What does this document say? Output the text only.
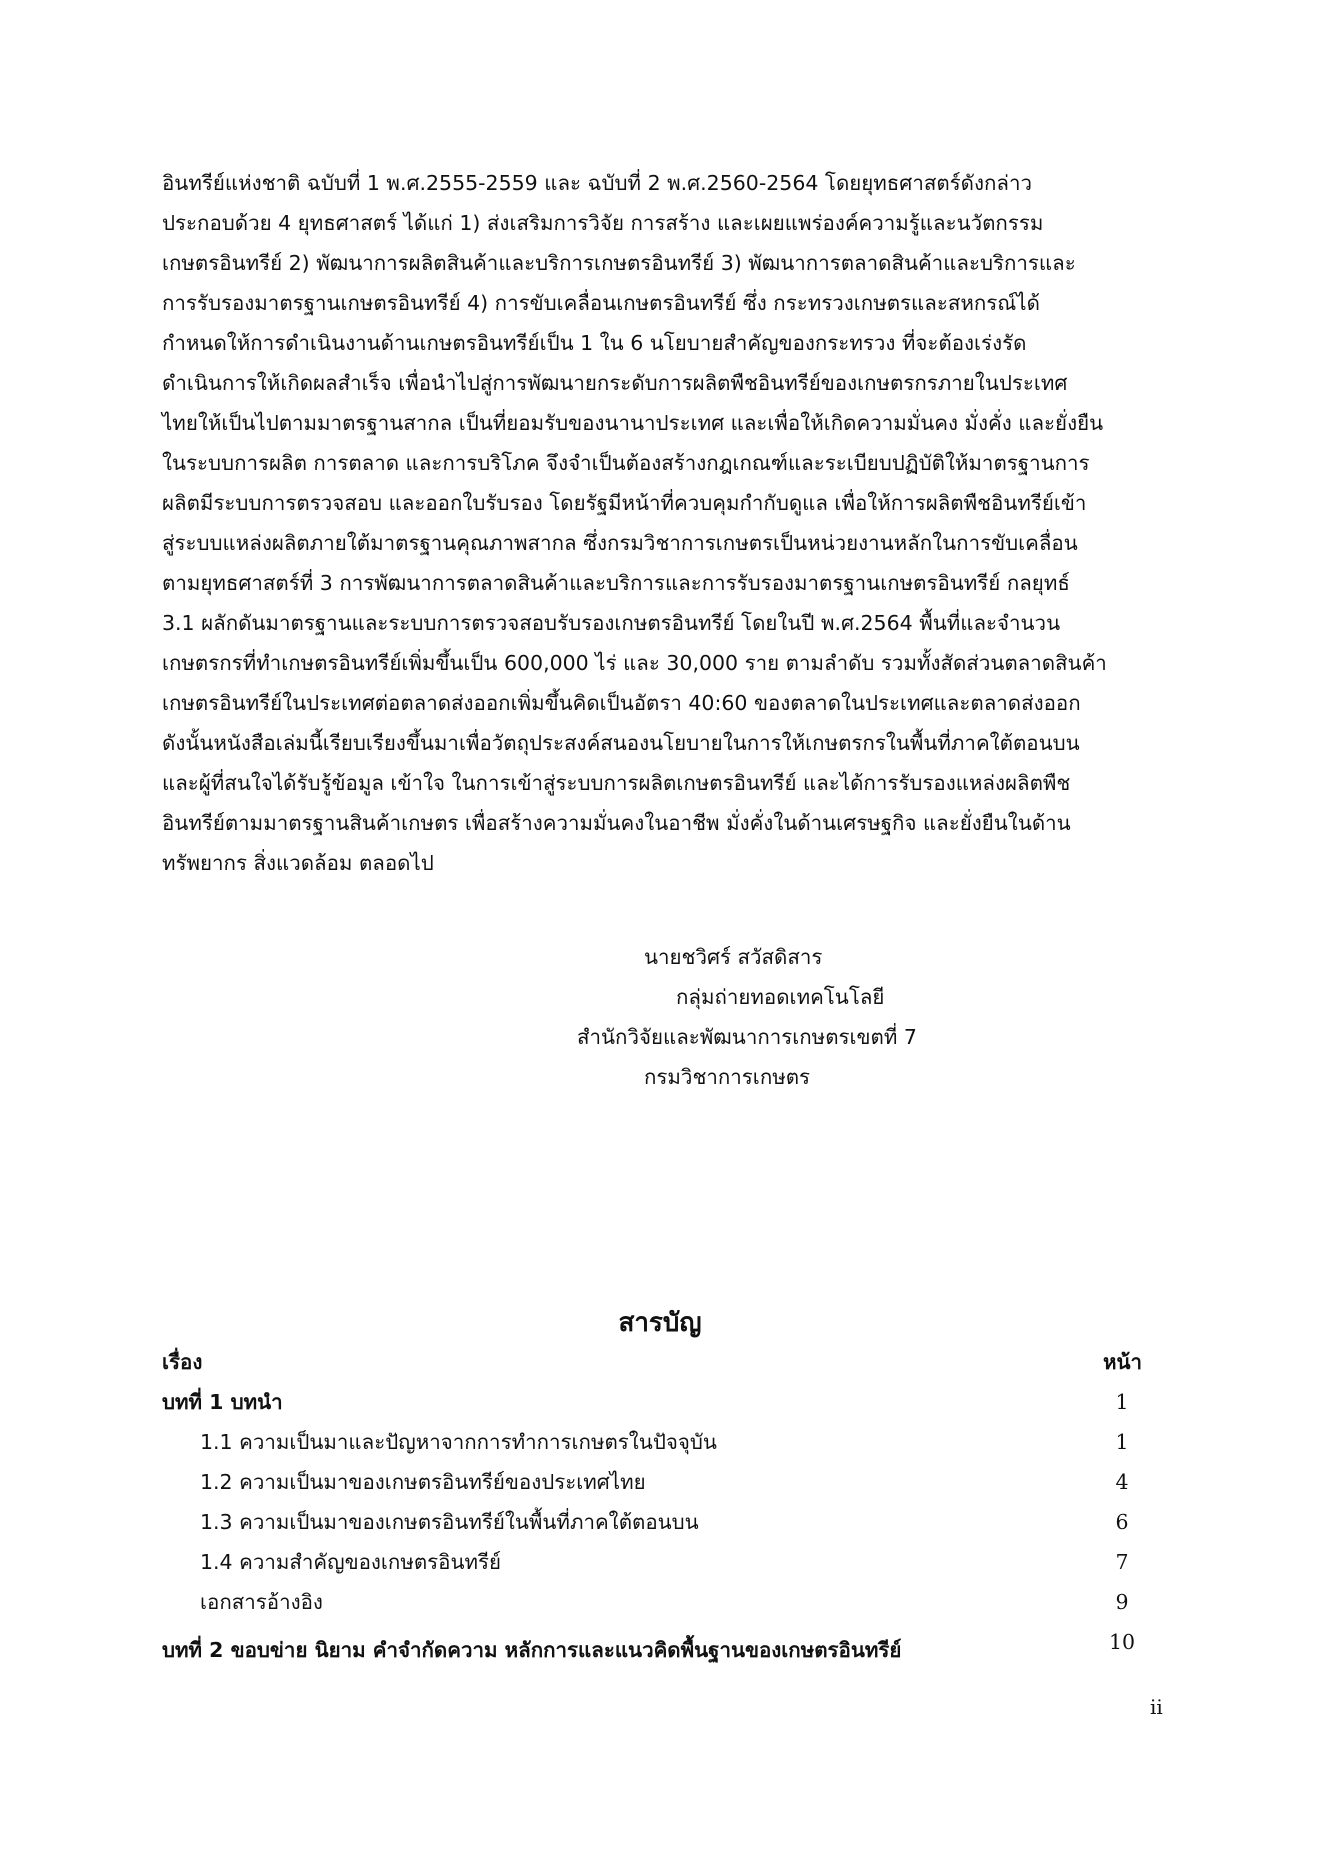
อินทรีย์แห่งชาติ ฉบับที่ 1 พ.ศ.2555-2559 และ ฉบับที่ 2 พ.ศ.2560-2564 โดยยุทธศาสตร์ดังกล่าว
ประกอบด้วย 4 ยุทธศาสตร์ ได้แก่ 1) ส่งเสริมการวิจัย การสร้าง และเผยแพร่องค์ความรู้และนวัตกรรม
เกษตรอินทรีย์ 2) พัฒนาการผลิตสินค้าและบริการเกษตรอินทรีย์ 3) พัฒนาการตลาดสินค้าและบริการและ
การรับรองมาตรฐานเกษตรอินทรีย์ 4) การขับเคลื่อนเกษตรอินทรีย์ ซึ่ง กระทรวงเกษตรและสหกรณ์ได้
กำหนดให้การดำเนินงานด้านเกษตรอินทรีย์เป็น 1 ใน 6 นโยบายสำคัญของกระทรวง ที่จะต้องเร่งรัด
ดำเนินการให้เกิดผลสำเร็จ เพื่อนำไปสู่การพัฒนายกระดับการผลิตพืชอินทรีย์ของเกษตรกรภายในประเทศ
ไทยให้เป็นไปตามมาตรฐานสากล เป็นที่ยอมรับของนานาประเทศ และเพื่อให้เกิดความมั่นคง มั่งคั่ง และยั่งยืน
ในระบบการผลิต การตลาด และการบริโภค จึงจำเป็นต้องสร้างกฎเกณฑ์และระเบียบปฏิบัติให้มาตรฐานการ
ผลิตมีระบบการตรวจสอบ และออกใบรับรอง โดยรัฐมีหน้าที่ควบคุมกำกับดูแล เพื่อให้การผลิตพืชอินทรีย์เข้า
สู่ระบบแหล่งผลิตภายใต้มาตรฐานคุณภาพสากล ซึ่งกรมวิชาการเกษตรเป็นหน่วยงานหลักในการขับเคลื่อน
ตามยุทธศาสตร์ที่ 3 การพัฒนาการตลาดสินค้าและบริการและการรับรองมาตรฐานเกษตรอินทรีย์ กลยุทธ์
3.1 ผลักดันมาตรฐานและระบบการตรวจสอบรับรองเกษตรอินทรีย์ โดยในปี พ.ศ.2564 พื้นที่และจำนวน
เกษตรกรที่ทำเกษตรอินทรีย์เพิ่มขึ้นเป็น 600,000 ไร่ และ 30,000 ราย ตามลำดับ รวมทั้งสัดส่วนตลาดสินค้า
เกษตรอินทรีย์ในประเทศต่อตลาดส่งออกเพิ่มขึ้นคิดเป็นอัตรา 40:60 ของตลาดในประเทศและตลาดส่งออก
ดังนั้นหนังสือเล่มนี้เรียบเรียงขึ้นมาเพื่อวัตถุประสงค์สนองนโยบายในการให้เกษตรกรในพื้นที่ภาคใต้ตอนบน
และผู้ที่สนใจได้รับรู้ข้อมูล เข้าใจ ในการเข้าสู่ระบบการผลิตเกษตรอินทรีย์ และได้การรับรองแหล่งผลิตพืช
อินทรีย์ตามมาตรฐานสินค้าเกษตร เพื่อสร้างความมั่นคงในอาชีพ มั่งคั่งในด้านเศรษฐกิจ และยั่งยืนในด้าน
ทรัพยากร สิ่งแวดล้อม ตลอดไป
นายชวิศร์ สวัสดิสาร
กลุ่มถ่ายทอดเทคโนโลยี
สำนักวิจัยและพัฒนาการเกษตรเขตที่ 7
กรมวิชาการเกษตร
สารบัญ
เรื่อง	หน้า
บทที่ 1 บทนำ	1
1.1 ความเป็นมาและปัญหาจากการทำการเกษตรในปัจจุบัน	1
1.2 ความเป็นมาของเกษตรอินทรีย์ของประเทศไทย	4
1.3 ความเป็นมาของเกษตรอินทรีย์ในพื้นที่ภาคใต้ตอนบน	6
1.4 ความสำคัญของเกษตรอินทรีย์	7
เอกสารอ้างอิง	9
บทที่ 2 ขอบข่าย นิยาม คำจำกัดความ หลักการและแนวคิดพื้นฐานของเกษตรอินทรีย์	10
ii
